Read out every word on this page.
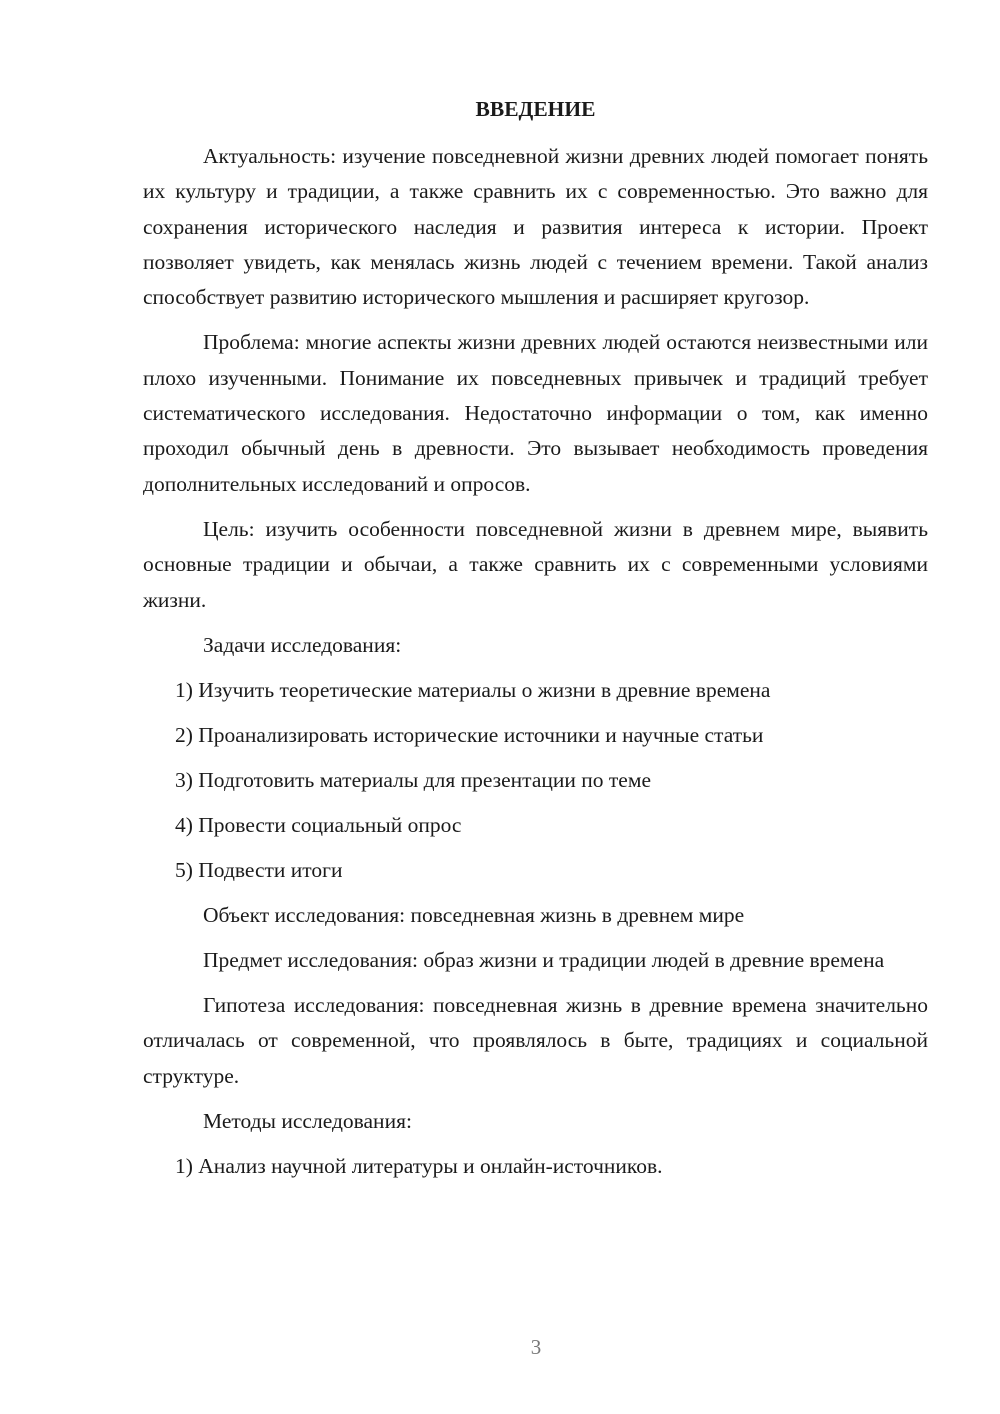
ВВЕДЕНИЕ

Актуальность: изучение повседневной жизни древних людей помогает понять их культуру и традиции, а также сравнить их с современностью. Это важно для сохранения исторического наследия и развития интереса к истории. Проект позволяет увидеть, как менялась жизнь людей с течением времени. Такой анализ способствует развитию исторического мышления и расширяет кругозор.

Проблема: многие аспекты жизни древних людей остаются неизвестными или плохо изученными. Понимание их повседневных привычек и традиций требует систематического исследования. Недостаточно информации о том, как именно проходил обычный день в древности. Это вызывает необходимость проведения дополнительных исследований и опросов.

Цель: изучить особенности повседневной жизни в древнем мире, выявить основные традиции и обычаи, а также сравнить их с современными условиями жизни.

Задачи исследования:

1) Изучить теоретические материалы о жизни в древние времена
2) Проанализировать исторические источники и научные статьи
3) Подготовить материалы для презентации по теме
4) Провести социальный опрос
5) Подвести итоги

Объект исследования: повседневная жизнь в древнем мире

Предмет исследования: образ жизни и традиции людей в древние времена

Гипотеза исследования: повседневная жизнь в древние времена значительно отличалась от современной, что проявлялось в быте, традициях и социальной структуре.

Методы исследования:

1) Анализ научной литературы и онлайн-источников.
3
